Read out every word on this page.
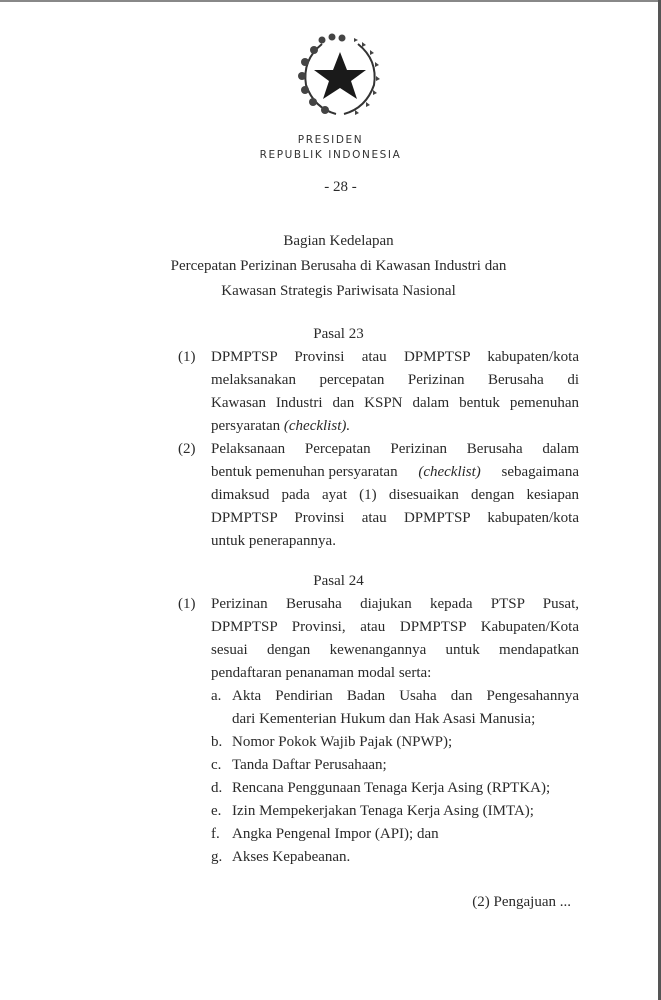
PRESIDEN
REPUBLIK INDONESIA
- 28 -
Bagian Kedelapan
Percepatan Perizinan Berusaha di Kawasan Industri dan
Kawasan Strategis Pariwisata Nasional
Pasal 23
(1)	DPMPTSP Provinsi atau DPMPTSP kabupaten/kota
melaksanakan percepatan Perizinan Berusaha di
Kawasan Industri dan KSPN dalam bentuk pemenuhan
persyaratan (checklist).
(2)	Pelaksanaan Percepatan Perizinan Berusaha dalam
bentuk pemenuhan persyaratan (checklist) sebagaimana
dimaksud pada ayat (1) disesuaikan dengan kesiapan
DPMPTSP Provinsi atau DPMPTSP kabupaten/kota
untuk penerapannya.
Pasal 24
(1)	Perizinan Berusaha diajukan kepada PTSP Pusat,
DPMPTSP Provinsi, atau DPMPTSP Kabupaten/Kota
sesuai dengan kewenangannya untuk mendapatkan
pendaftaran penanaman modal serta:
a. Akta Pendirian Badan Usaha dan Pengesahannya
dari Kementerian Hukum dan Hak Asasi Manusia;
b. Nomor Pokok Wajib Pajak (NPWP);
c. Tanda Daftar Perusahaan;
d. Rencana Penggunaan Tenaga Kerja Asing (RPTKA);
e. Izin Mempekerjakan Tenaga Kerja Asing (IMTA);
f. Angka Pengenal Impor (API); dan
g. Akses Kepabeanan.
(2) Pengajuan ...
